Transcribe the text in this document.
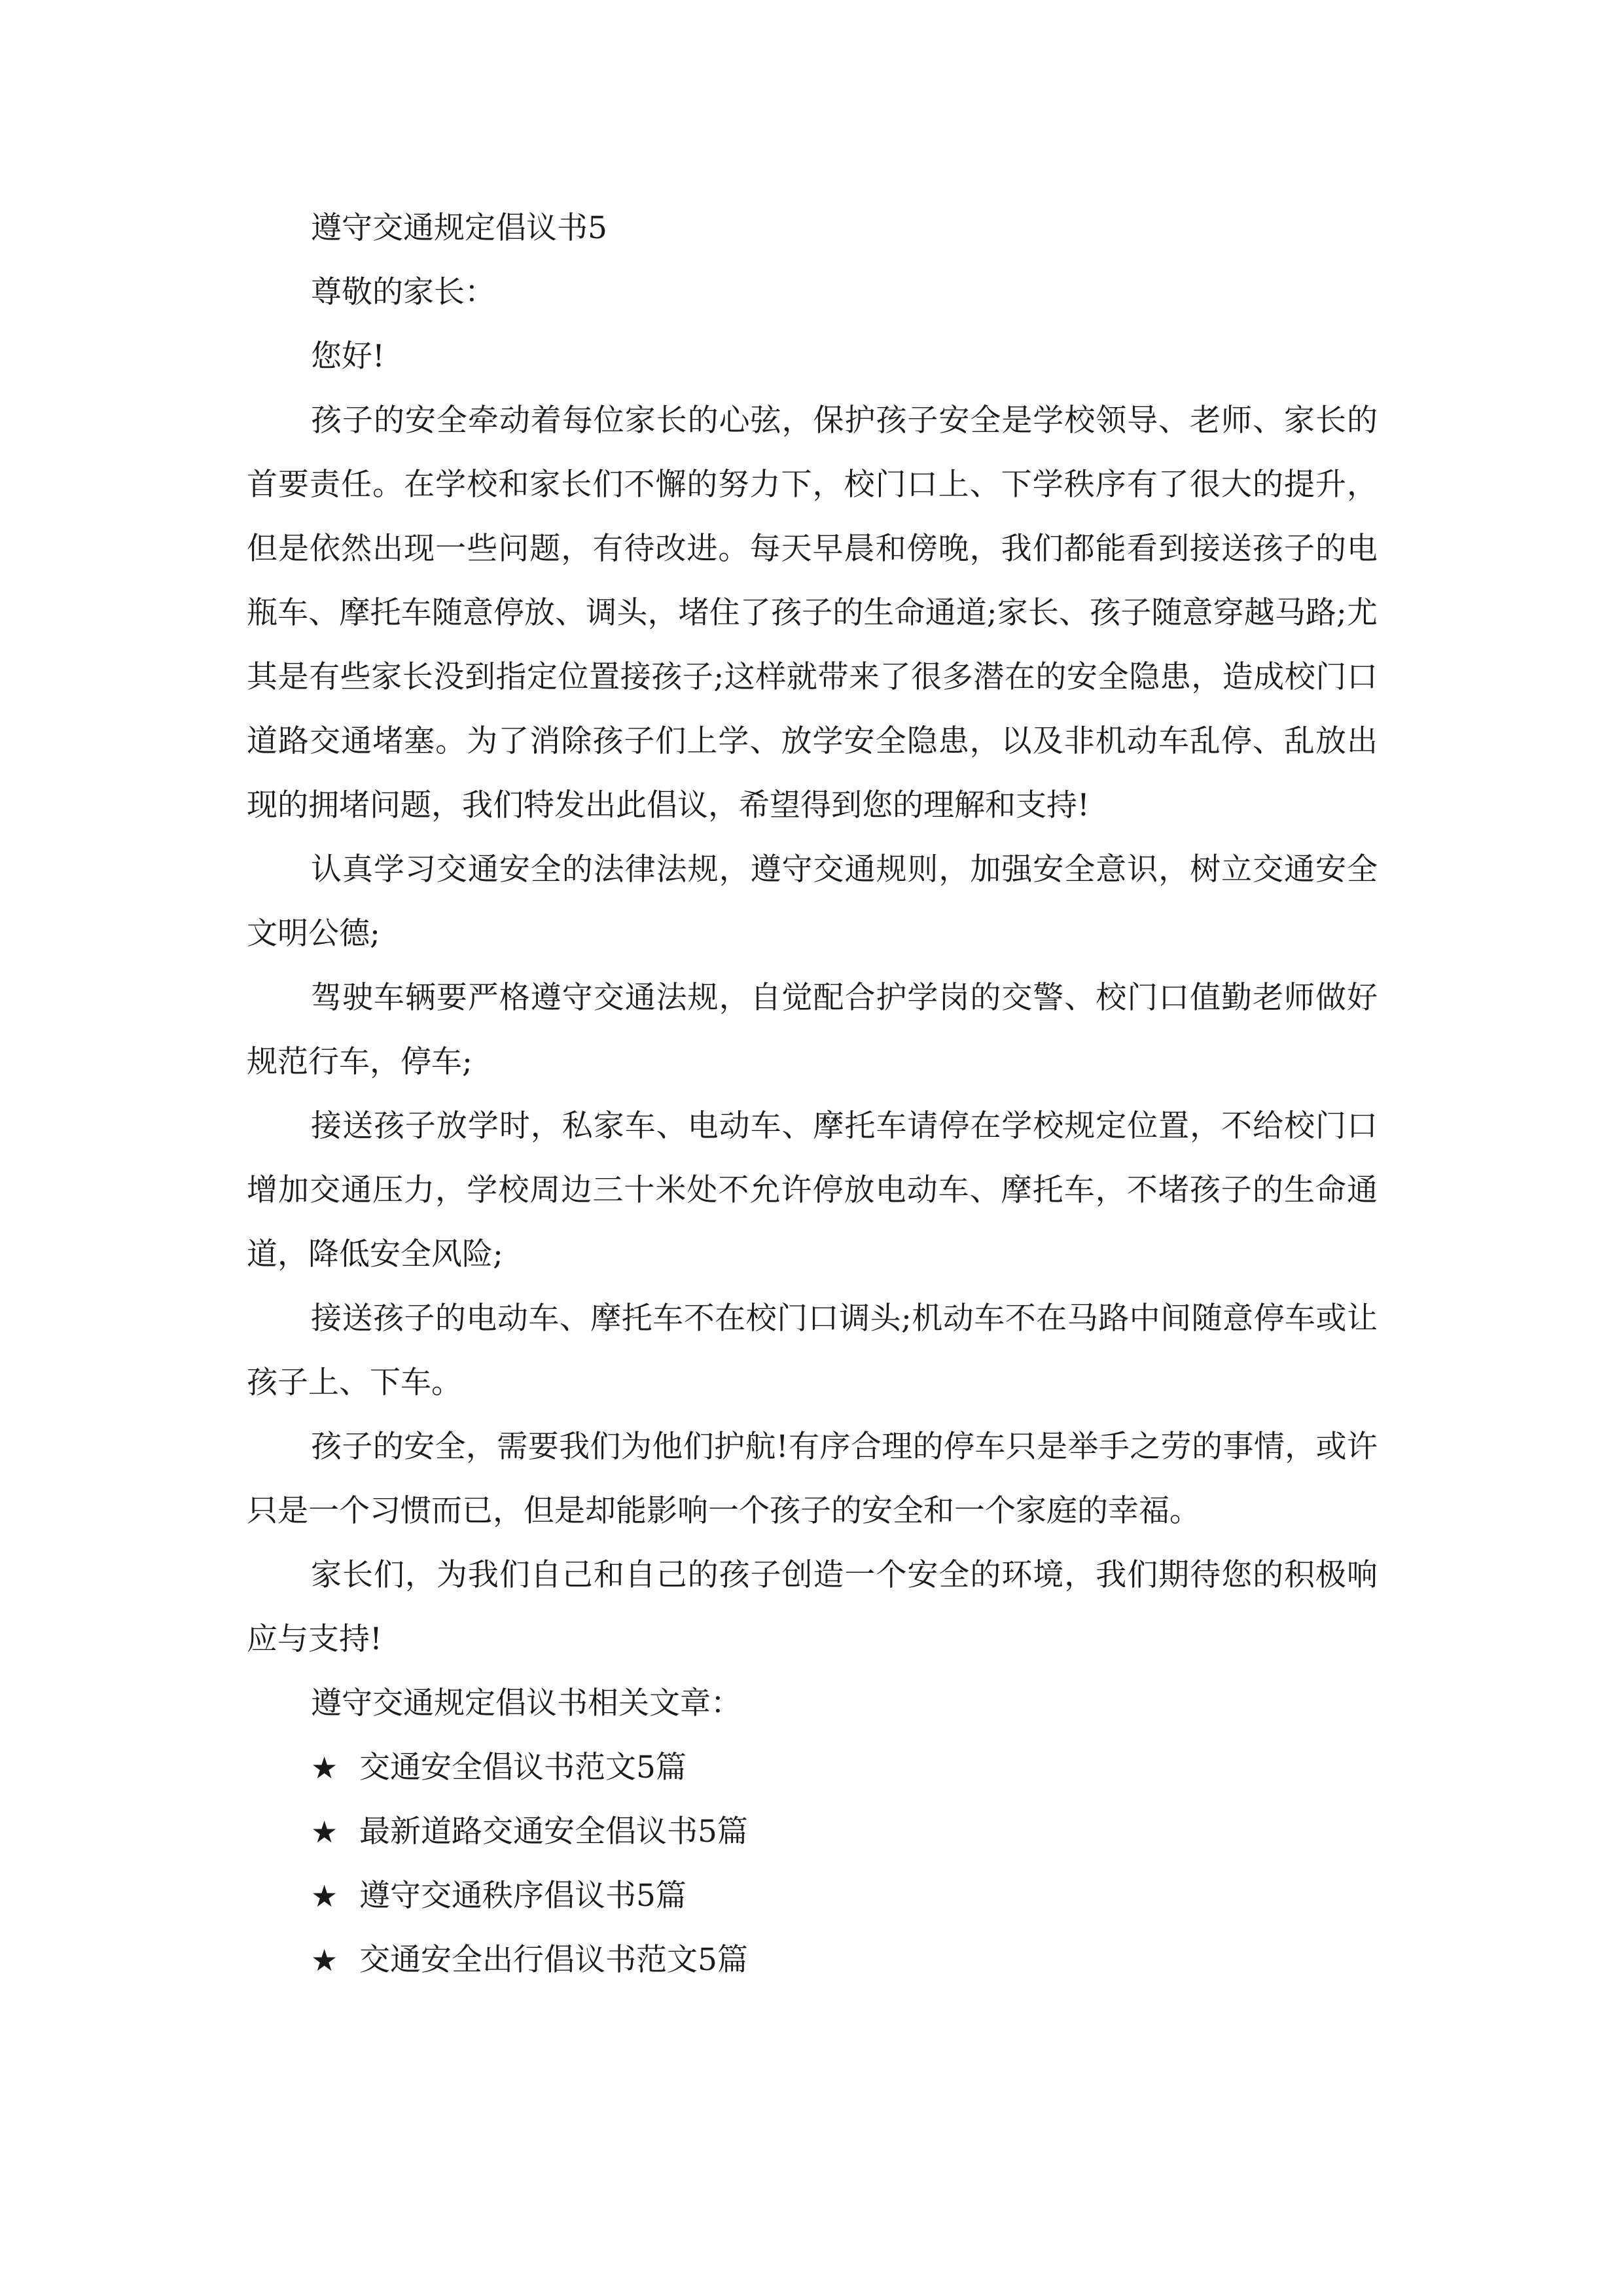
遵守交通规定倡议书5

尊敬的家长：

您好!

孩子的安全牵动着每位家长的心弦，保护孩子安全是学校领导、老师、家长的首要责任。在学校和家长们不懈的努力下，校门口上、下学秩序有了很大的提升，但是依然出现一些问题，有待改进。每天早晨和傍晚，我们都能看到接送孩子的电瓶车、摩托车随意停放、调头，堵住了孩子的生命通道;家长、孩子随意穿越马路;尤其是有些家长没到指定位置接孩子;这样就带来了很多潜在的安全隐患，造成校门口道路交通堵塞。为了消除孩子们上学、放学安全隐患，以及非机动车乱停、乱放出现的拥堵问题，我们特发出此倡议，希望得到您的理解和支持!

认真学习交通安全的法律法规，遵守交通规则，加强安全意识，树立交通安全文明公德;

驾驶车辆要严格遵守交通法规，自觉配合护学岗的交警、校门口值勤老师做好规范行车，停车;

接送孩子放学时，私家车、电动车、摩托车请停在学校规定位置，不给校门口增加交通压力，学校周边三十米处不允许停放电动车、摩托车，不堵孩子的生命通道，降低安全风险;

接送孩子的电动车、摩托车不在校门口调头;机动车不在马路中间随意停车或让孩子上、下车。

孩子的安全，需要我们为他们护航!有序合理的停车只是举手之劳的事情，或许只是一个习惯而已，但是却能影响一个孩子的安全和一个家庭的幸福。

家长们，为我们自己和自己的孩子创造一个安全的环境，我们期待您的积极响应与支持!

遵守交通规定倡议书相关文章：

★ 交通安全倡议书范文5篇
★ 最新道路交通安全倡议书5篇
★ 遵守交通秩序倡议书5篇
★ 交通安全出行倡议书范文5篇
